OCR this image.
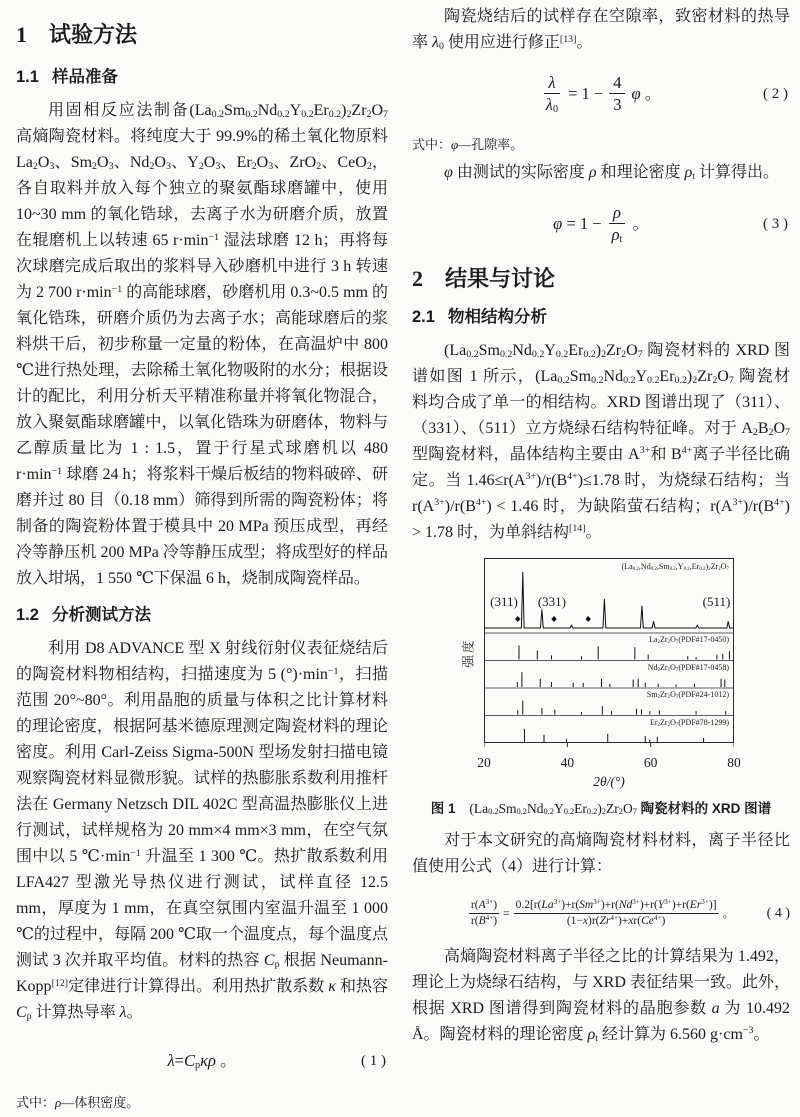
1 试验方法
1.1 样品准备

用固相反应法制备$(La_{0.2}Sm_{0.2}Nd_{0.2}Y_{0.2}Er_{0.2})_2Zr_2O_7$高熵陶瓷材料。将纯度大于 99.9%的稀土氧化物原料 $La_2O_3$、$Sm_2O_3$、$Nd_2O_3$、$Y_2O_3$、$Er_2O_3$、ZrO$_2$、CeO$_2$，各自取料并放入每个独立的聚氨酯球磨罐中，使用 10~30 mm 的氧化锆球，去离子水为研磨介质，放置在辊磨机上以转速 65 $r\cdot\min^{-1}$ 湿法球磨 12 h；再将每次球磨完成后取出的浆料导入砂磨机中进行 3 h 转速为 2 700 $r\cdot\min^{-1}$ 的高能球磨，砂磨机用 0.3~0.5 mm 的氧化锆珠，研磨介质仍为去离子水；高能球磨后的浆料烘干后，初步称量一定量的粉体，在高温炉中 800 ℃进行热处理，去除稀土氧化物吸附的水分；根据设计的配比，利用分析天平精准称量并将氧化物混合，放入聚氨酯球磨罐中，以氧化锆珠为研磨体，物料与乙醇质量比为 1 : 1.5，置于行星式球磨机以 480 $r\cdot\min^{-1}$ 球磨 24 h；将浆料干燥后板结的物料破碎、研磨并过 80 目（0.18 mm）筛得到所需的陶瓷粉体；将制备的陶瓷粉体置于模具中 20 MPa 预压成型，再经冷等静压机 200 MPa 冷等静压成型；将成型好的样品放入坩埚，1 550 ℃下保温 6 h，烧制成陶瓷样品。

1.2 分析测试方法

利用 D8 ADVANCE 型 X 射线衍射仪表征烧结后的陶瓷材料物相结构，扫描速度为 5 $(^\circ)\cdot\min^{-1}$，扫描范围 20°~80°。利用晶胞的质量与体积之比计算材料的理论密度，根据阿基米德原理测定陶瓷材料的理论密度。利用 Carl-Zeiss Sigma-500N 型场发射扫描电镜观察陶瓷材料显微形貌。试样的热膨胀系数利用推杆法在 Germany Netzsch DIL 402C 型高温热膨胀仪上进行测试，试样规格为 20 mm×4 mm×3 mm，在空气氛围中以 5 $℃\cdot\min^{-1}$ 升温至 1 300 ℃。热扩散系数利用 LFA427 型激光导热仪进行测试，试样直径 12.5 mm，厚度为 1 mm，在真空氛围内室温升温至 1 000 ℃的过程中，每隔 200 ℃取一个温度点，每个温度点测试 3 次并取平均值。材料的热容 $C_p$ 根据 Neumann-Kopp[12]定律进行计算得出。利用热扩散系数 κ 和热容 $C_p$ 计算热导率 λ。

$\lambda=C_p\kappa\rho$ 。	( 1 )

式中：ρ—体积密度。

陶瓷烧结后的试样存在空隙率，致密材料的热导率 $\lambda_0$ 使用应进行修正[13]。

$\frac{\lambda}{\lambda_0} = 1 - \frac{4}{3}$ φ 。	( 2 )

式中：φ—孔隙率。

φ 由测试的实际密度 ρ 和理论密度 $\rho_t$ 计算得出。

$\varphi = 1 - \frac{\rho}{\rho_t}$ 。	( 3 )
2 结果与讨论
2.1 物相结构分析

$(La_{0.2}Sm_{0.2}Nd_{0.2}Y_{0.2}Er_{0.2})_2Zr_2O_7$ 陶瓷材料的 XRD 图谱如图 1 所示，$(La_{0.2}Sm_{0.2}Nd_{0.2}Y_{0.2}Er_{0.2})_2Zr_2O_7$ 陶瓷材料均合成了单一的相结构。XRD 图谱出现了（311）、（331）、（511）立方烧绿石结构特征峰。对于 $A_2B_2O_7$ 型陶瓷材料，晶体结构主要由 $A^{3+}$和 $B^{4+}$离子半径比确定。当 $1.46\le r(A^{3+})/r(B^{4+})\le 1.78$ 时，为烧绿石结构；当 $r(A^{3+})/r(B^{4+}) < 1.46$ 时，为缺陷萤石结构；$r(A^{3+})/r(B^{4+}) > 1.78$ 时，为单斜结构[14]。

强度
$(La_{0.2},Nd_{0.2},Sm_{0.2},Y_{0.2},Er_{0.2})_2Zr_2O_7$
$La_2Zr_2O_7(PDF\#17-0450)$
$Nd_2Zr_2O_7(PDF\#17-0458)$
$Sm_2Zr_2O_7(PDF\#24-1012)$
$Er_2Zr_2O_7(PDF\#78-1299)$
(311) (331)	(511)
20	40	60	80
2θ/(°)
图 1 $(La_{0.2}Sm_{0.2}Nd_{0.2}Y_{0.2}Er_{0.2})_2Zr_2O_7$ 陶瓷材料的 XRD 图谱

对于本文研究的高熵陶瓷材料材料，离子半径比值使用公式（4）进行计算：

$\frac{r(A^{3+})}{r(B^{4+})} = \frac{0.2[r(La^{3+})+r(Sm^{3+})+r(Nd^{3+})+r(Y^{3+})+r(Er^{3+})]}{(1-x)r(Zr^{4+})+xr(Ce^{4+})}$ 。 ( 4 )

高熵陶瓷材料离子半径之比的计算结果为 1.492，理论上为烧绿石结构，与 XRD 表征结果一致。此外，根据 XRD 图谱得到陶瓷材料的晶胞参数 a 为 10.492 Å。陶瓷材料的理论密度 $\rho_t$ 经计算为 6.560 $g\cdot cm^{-3}$。
